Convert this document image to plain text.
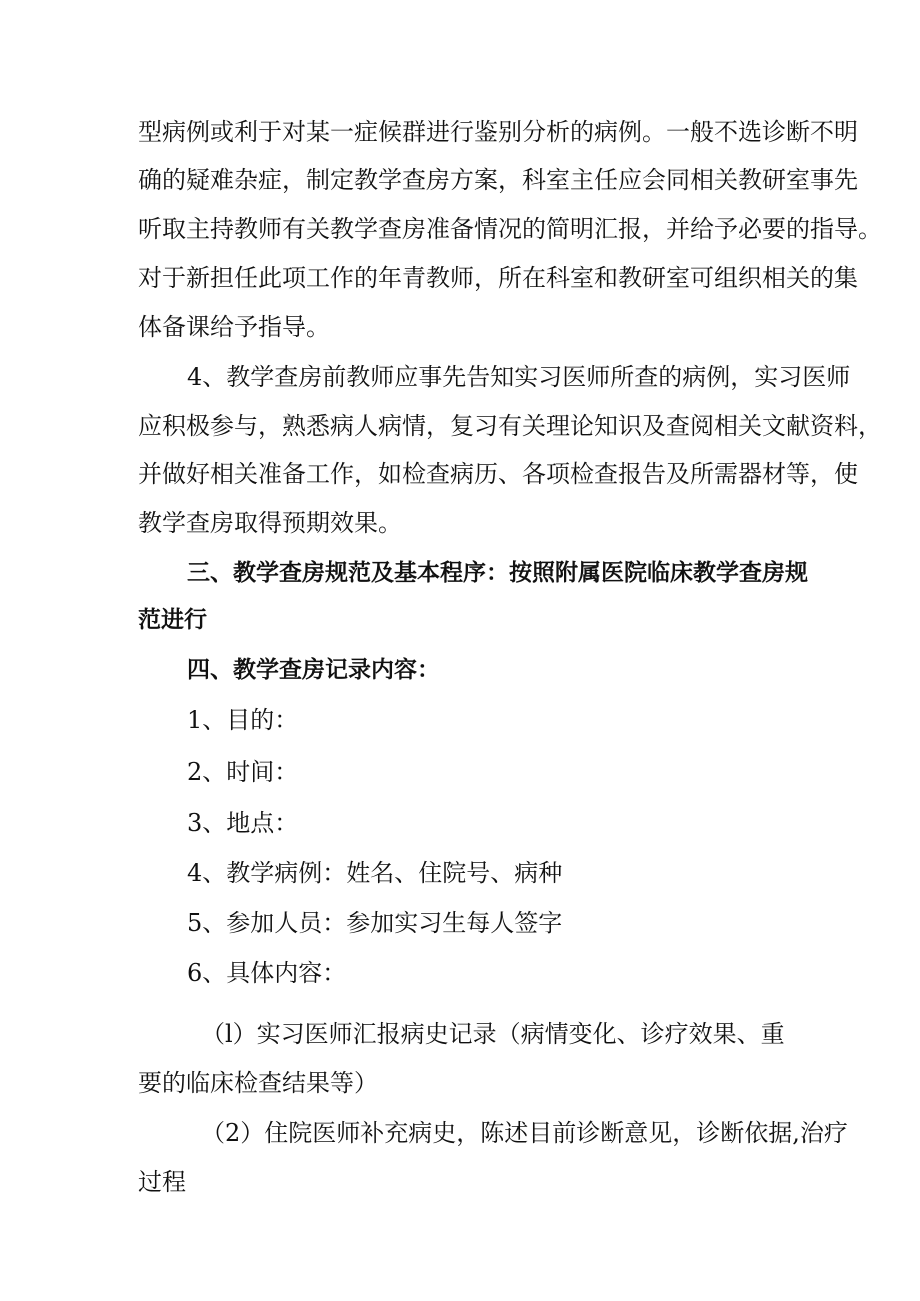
型病例或利于对某一症候群进行鉴别分析的病例。一般不选诊断不明
确的疑难杂症，制定教学查房方案，科室主任应会同相关教研室事先
听取主持教师有关教学查房准备情况的简明汇报，并给予必要的指导。
对于新担任此项工作的年青教师，所在科室和教研室可组织相关的集
体备课给予指导。
4、教学查房前教师应事先告知实习医师所查的病例，实习医师
应积极参与，熟悉病人病情，复习有关理论知识及查阅相关文献资料，
并做好相关准备工作，如检查病历、各项检查报告及所需器材等，使
教学查房取得预期效果。
三、教学查房规范及基本程序：按照附属医院临床教学查房规
范进行
四、教学查房记录内容：
1、目的：
2、时间：
3、地点：
4、教学病例：姓名、住院号、病种
5、参加人员：参加实习生每人签字
6、具体内容：
（l）实习医师汇报病史记录（病情变化、诊疗效果、重
要的临床检查结果等）
（2）住院医师补充病史，陈述目前诊断意见，诊断依据,治疗
过程
